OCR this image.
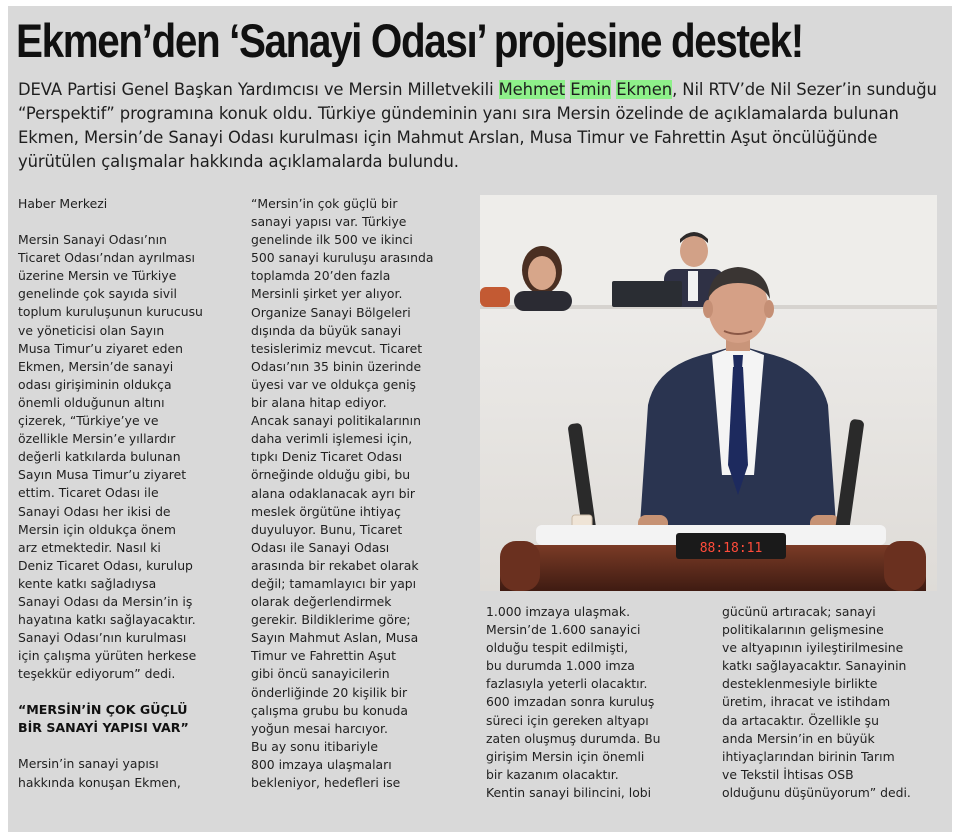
Ekmen’den ‘Sanayi Odası’ projesine destek!
DEVA Partisi Genel Başkan Yardımcısı ve Mersin Milletvekili Mehmet Emin Ekmen, Nil RTV’de Nil Sezer’in sunduğu “Perspektif” programına konuk oldu. Türkiye gündeminin yanı sıra Mersin özelinde de açıklamalarda bulunan Ekmen, Mersin’de Sanayi Odası kurulması için Mahmut Arslan, Musa Timur ve Fahrettin Aşut öncülüğünde yürütülen çalışmalar hakkında açıklamalarda bulundu.

Haber Merkezi

Mersin Sanayi Odası’nın
Ticaret Odası’ndan ayrılması
üzerine Mersin ve Türkiye
genelinde çok sayıda sivil
toplum kuruluşunun kurucusu
ve yöneticisi olan Sayın
Musa Timur’u ziyaret eden
Ekmen, Mersin’de sanayi
odası girişiminin oldukça
önemli olduğunun altını
çizerek, “Türkiye’ye ve
özellikle Mersin’e yıllardır
değerli katkılarda bulunan
Sayın Musa Timur’u ziyaret
ettim. Ticaret Odası ile
Sanayi Odası her ikisi de
Mersin için oldukça önem
arz etmektedir. Nasıl ki
Deniz Ticaret Odası, kurulup
kente katkı sağladıysa
Sanayi Odası da Mersin’in iş
hayatına katkı sağlayacaktır.
Sanayi Odası’nın kurulması
için çalışma yürüten herkese
teşekkür ediyorum” dedi.
“MERSİN’İN ÇOK GÜÇLÜ
BİR SANAYİ YAPISI VAR”
Mersin’in sanayi yapısı
hakkında konuşan Ekmen,
“Mersin’in çok güçlü bir
sanayi yapısı var. Türkiye
genelinde ilk 500 ve ikinci
500 sanayi kuruluşu arasında
toplamda 20’den fazla
Mersinli şirket yer alıyor.
Organize Sanayi Bölgeleri
dışında da büyük sanayi
tesislerimiz mevcut. Ticaret
Odası’nın 35 binin üzerinde
üyesi var ve oldukça geniş
bir alana hitap ediyor.
Ancak sanayi politikalarının
daha verimli işlemesi için,
tıpkı Deniz Ticaret Odası
örneğinde olduğu gibi, bu
alana odaklanacak ayrı bir
meslek örgütüne ihtiyaç
duyuluyor. Bunu, Ticaret
Odası ile Sanayi Odası
arasında bir rekabet olarak
değil; tamamlayıcı bir yapı
olarak değerlendirmek
gerekir. Bildiklerime göre;
Sayın Mahmut Aslan, Musa
Timur ve Fahrettin Aşut
gibi öncü sanayicilerin
önderliğinde 20 kişilik bir
çalışma grubu bu konuda
yoğun mesai harcıyor.
Bu ay sonu itibariyle
800 imzaya ulaşmaları
bekleniyor, hedefleri ise
88:18:11
1.000 imzaya ulaşmak.
Mersin’de 1.600 sanayici
olduğu tespit edilmişti,
bu durumda 1.000 imza
fazlasıyla yeterli olacaktır.
600 imzadan sonra kuruluş
süreci için gereken altyapı
zaten oluşmuş durumda. Bu
girişim Mersin için önemli
bir kazanım olacaktır.
Kentin sanayi bilincini, lobi
gücünü artıracak; sanayi
politikalarının gelişmesine
ve altyapının iyileştirilmesine
katkı sağlayacaktır. Sanayinin
desteklenmesiyle birlikte
üretim, ihracat ve istihdam
da artacaktır. Özellikle şu
anda Mersin’in en büyük
ihtiyaçlarından birinin Tarım
ve Tekstil İhtisas OSB
olduğunu düşünüyorum” dedi.
